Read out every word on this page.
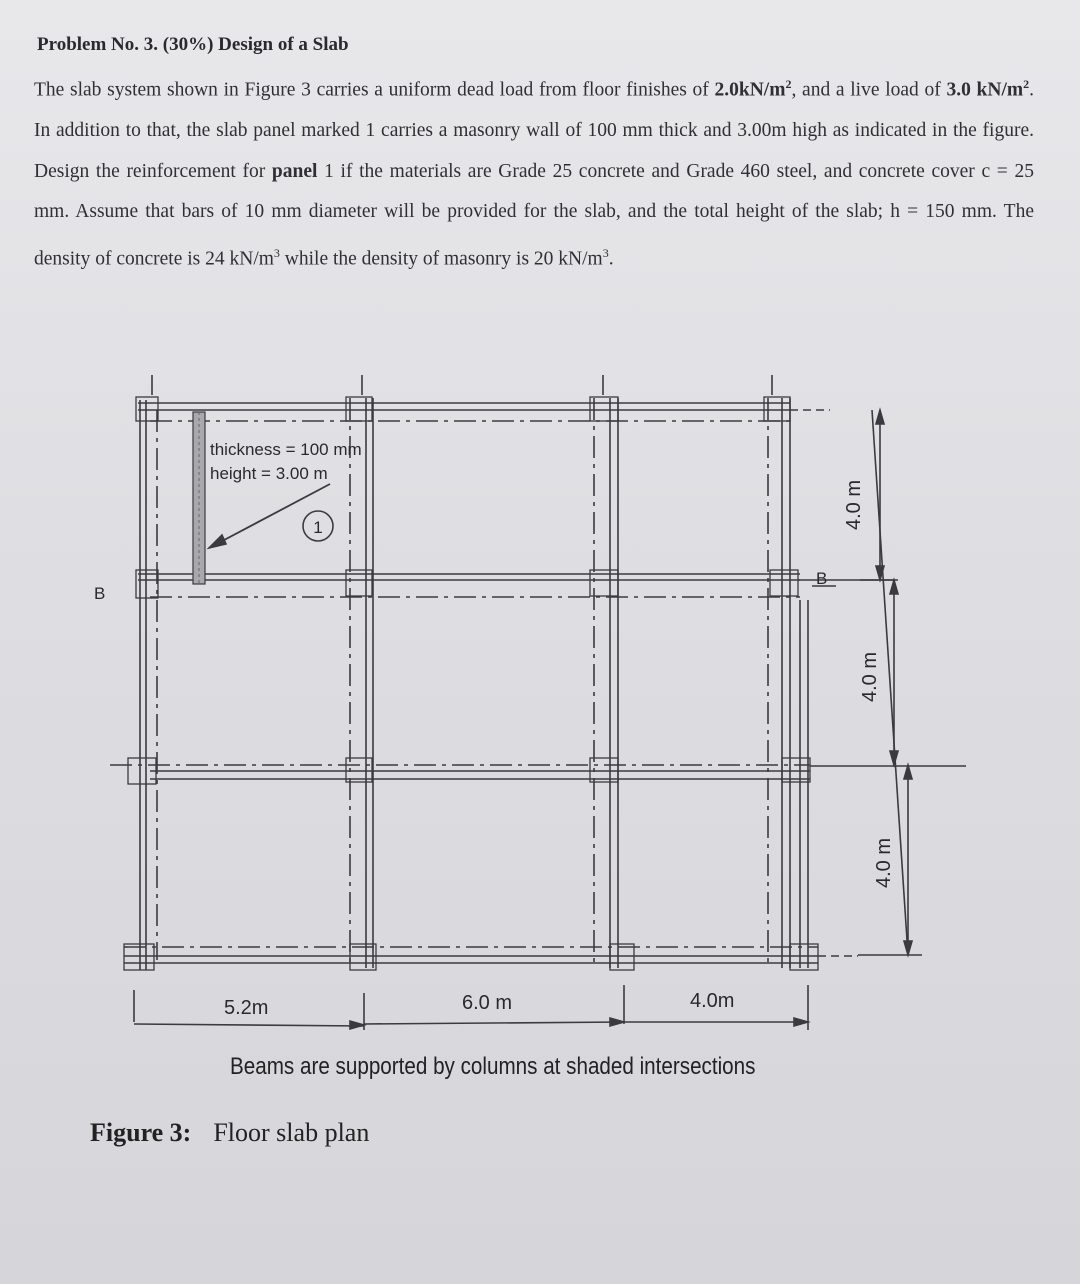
Problem No. 3. (30%) Design of a Slab

The slab system shown in Figure 3 carries a uniform dead load from floor finishes of $2.0kN/m^2$, and a live load of 3.0 $kN/m^2$. In addition to that, the slab panel marked 1 carries a masonry wall of 100 mm thick and 3.00m high as indicated in the figure. Design the reinforcement for panel 1 if the materials are Grade 25 concrete and Grade 460 steel, and concrete cover c = 25 mm. Assume that bars of 10 mm diameter will be provided for the slab, and the total height of the slab; h = 150 mm. The density of concrete is 24 $kN/m^3$ while the density of masonry is 20 $kN/m^3$.

thickness = 100 mm
height = 3.00 m
1
B
B
5.2m	6.0 m	4.0m
4.0 m
4.0 m
4.0 m
Beams are supported by columns at shaded intersections
Figure 3: Floor slab plan
